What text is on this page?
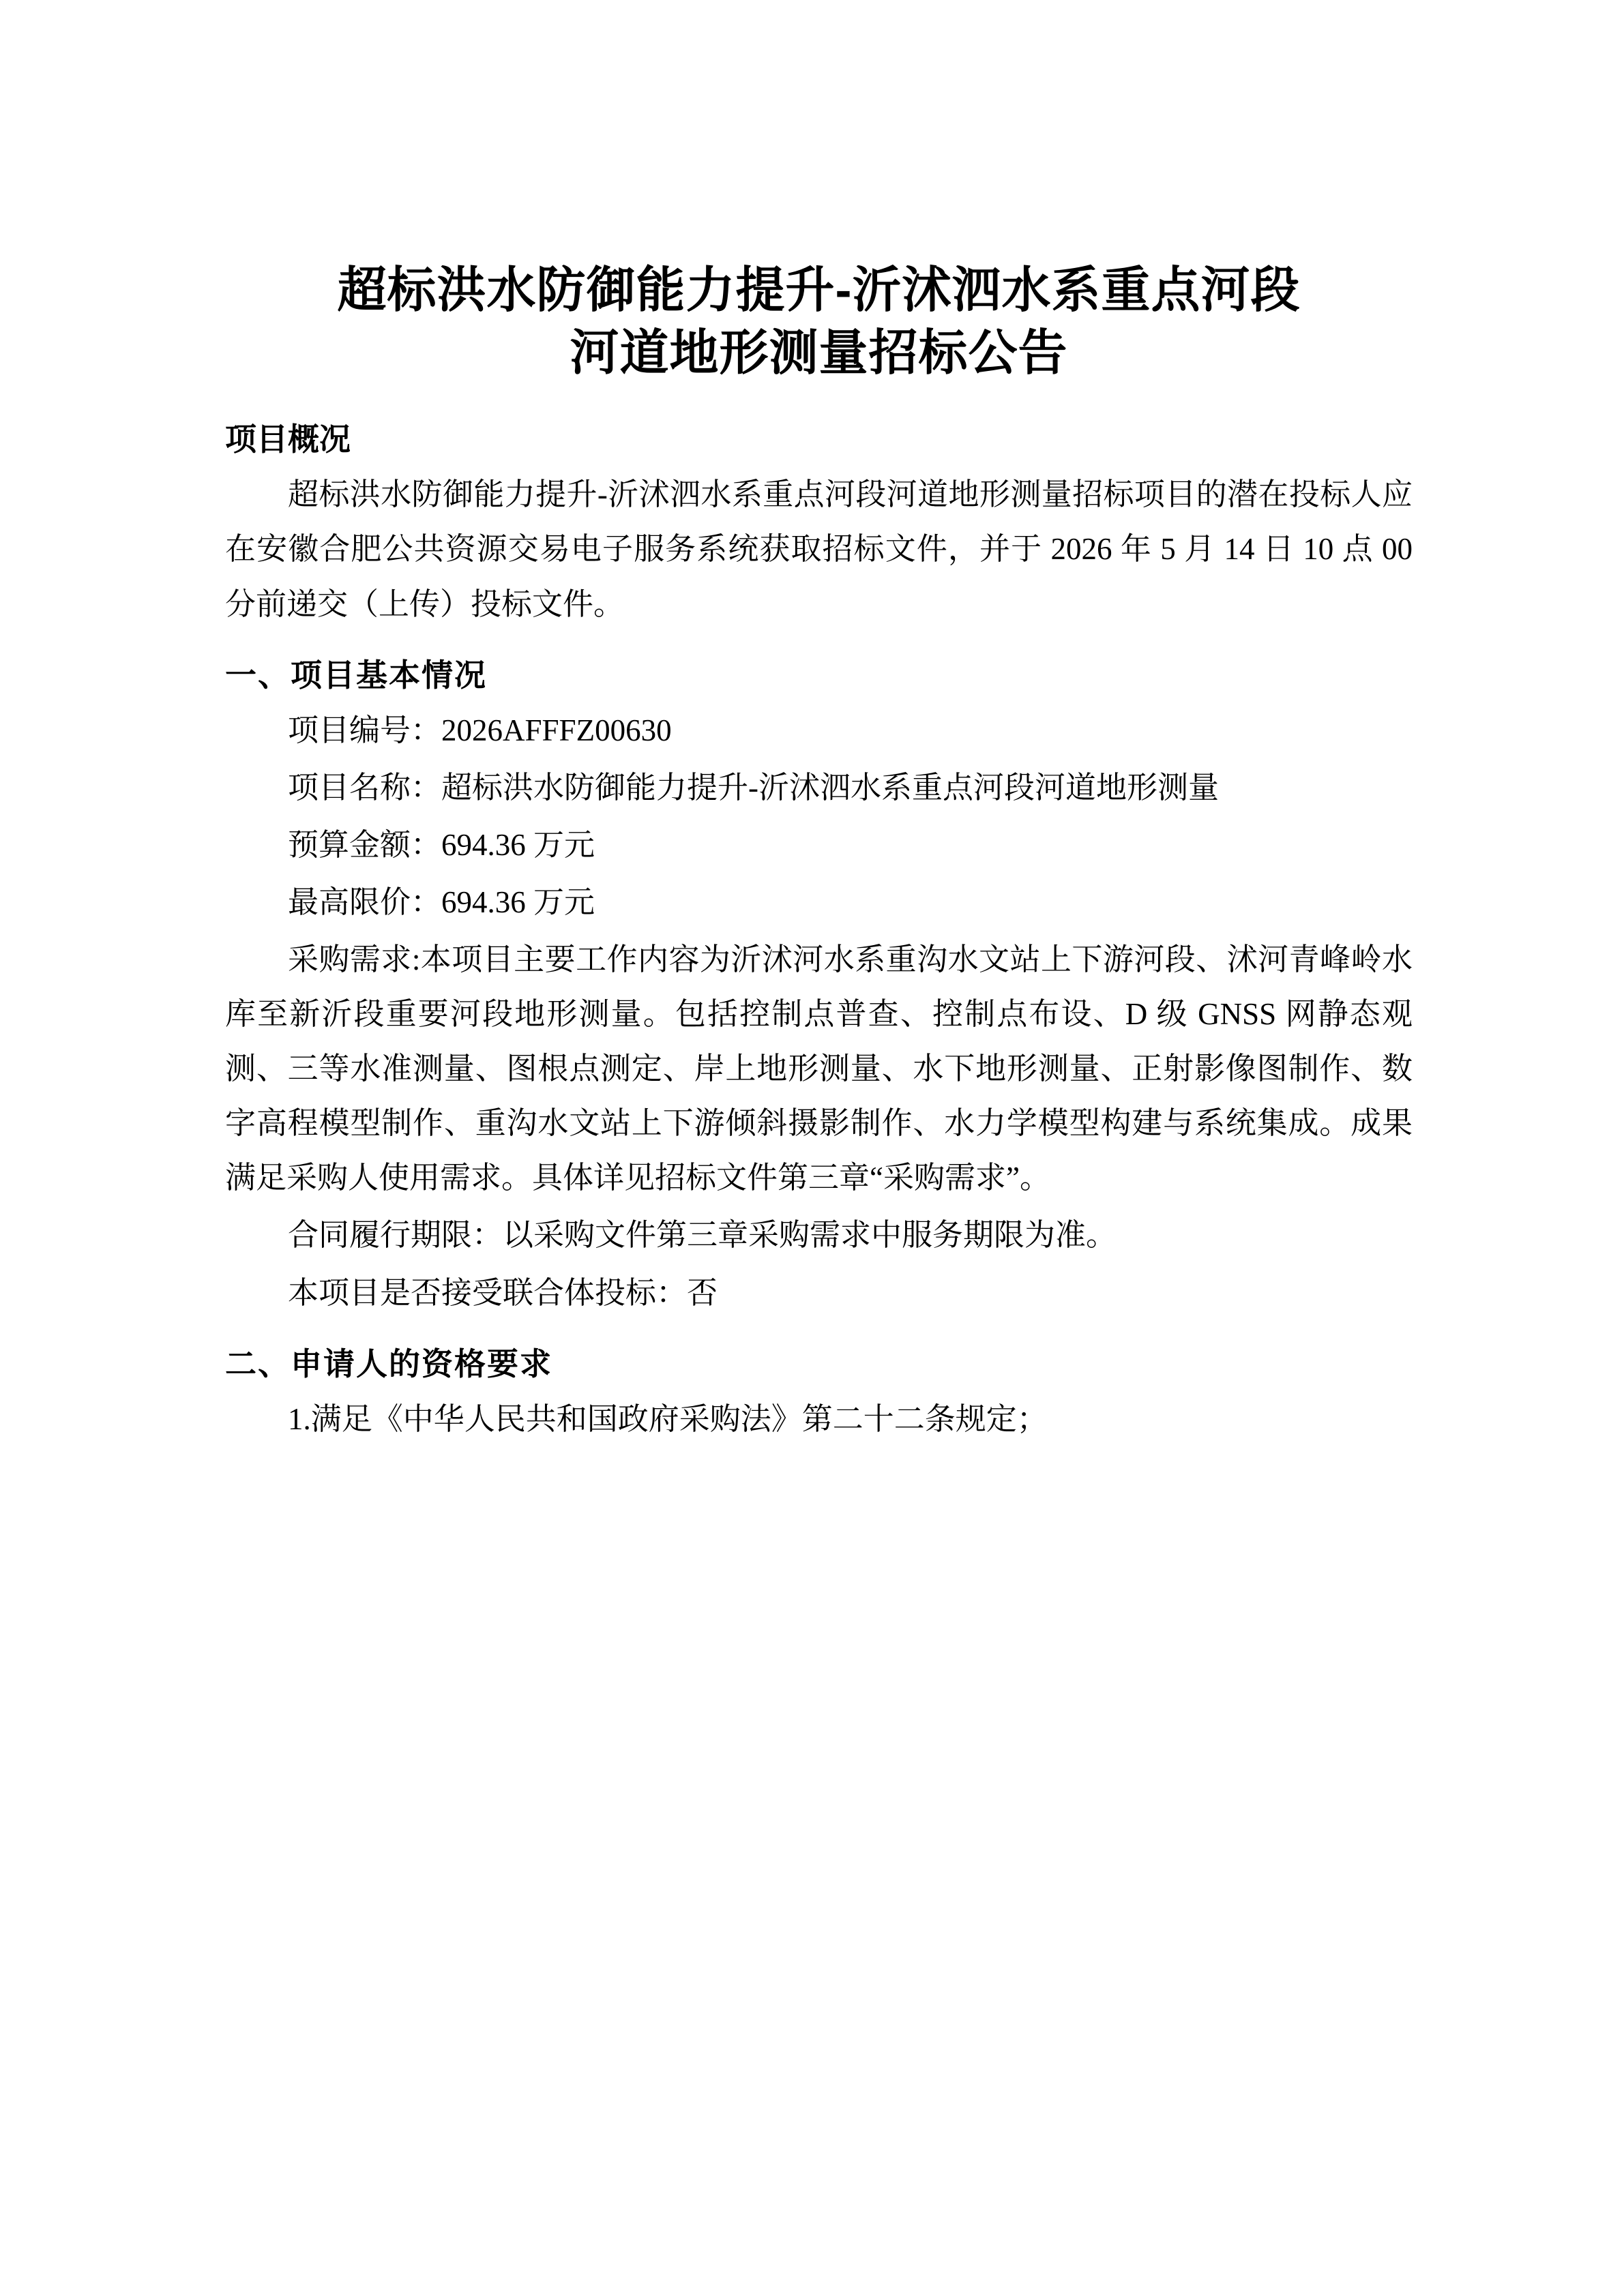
超标洪水防御能力提升-沂沭泗水系重点河段
河道地形测量招标公告
项目概况

超标洪水防御能力提升-沂沭泗水系重点河段河道地形测量招标项目的潜在投标人应在安徽合肥公共资源交易电子服务系统获取招标文件，并于 2026 年 5 月 14 日 10 点 00 分前递交（上传）投标文件。

一、项目基本情况

项目编号：2026AFFFZ00630

项目名称：超标洪水防御能力提升-沂沭泗水系重点河段河道地形测量

预算金额：694.36 万元

最高限价：694.36 万元

采购需求:本项目主要工作内容为沂沭河水系重沟水文站上下游河段、沭河青峰岭水库至新沂段重要河段地形测量。包括控制点普查、控制点布设、D 级 GNSS 网静态观测、三等水准测量、图根点测定、岸上地形测量、水下地形测量、正射影像图制作、数字高程模型制作、重沟水文站上下游倾斜摄影制作、水力学模型构建与系统集成。成果满足采购人使用需求。具体详见招标文件第三章“采购需求”。

合同履行期限：以采购文件第三章采购需求中服务期限为准。

本项目是否接受联合体投标：否

二、申请人的资格要求

1.满足《中华人民共和国政府采购法》第二十二条规定；
